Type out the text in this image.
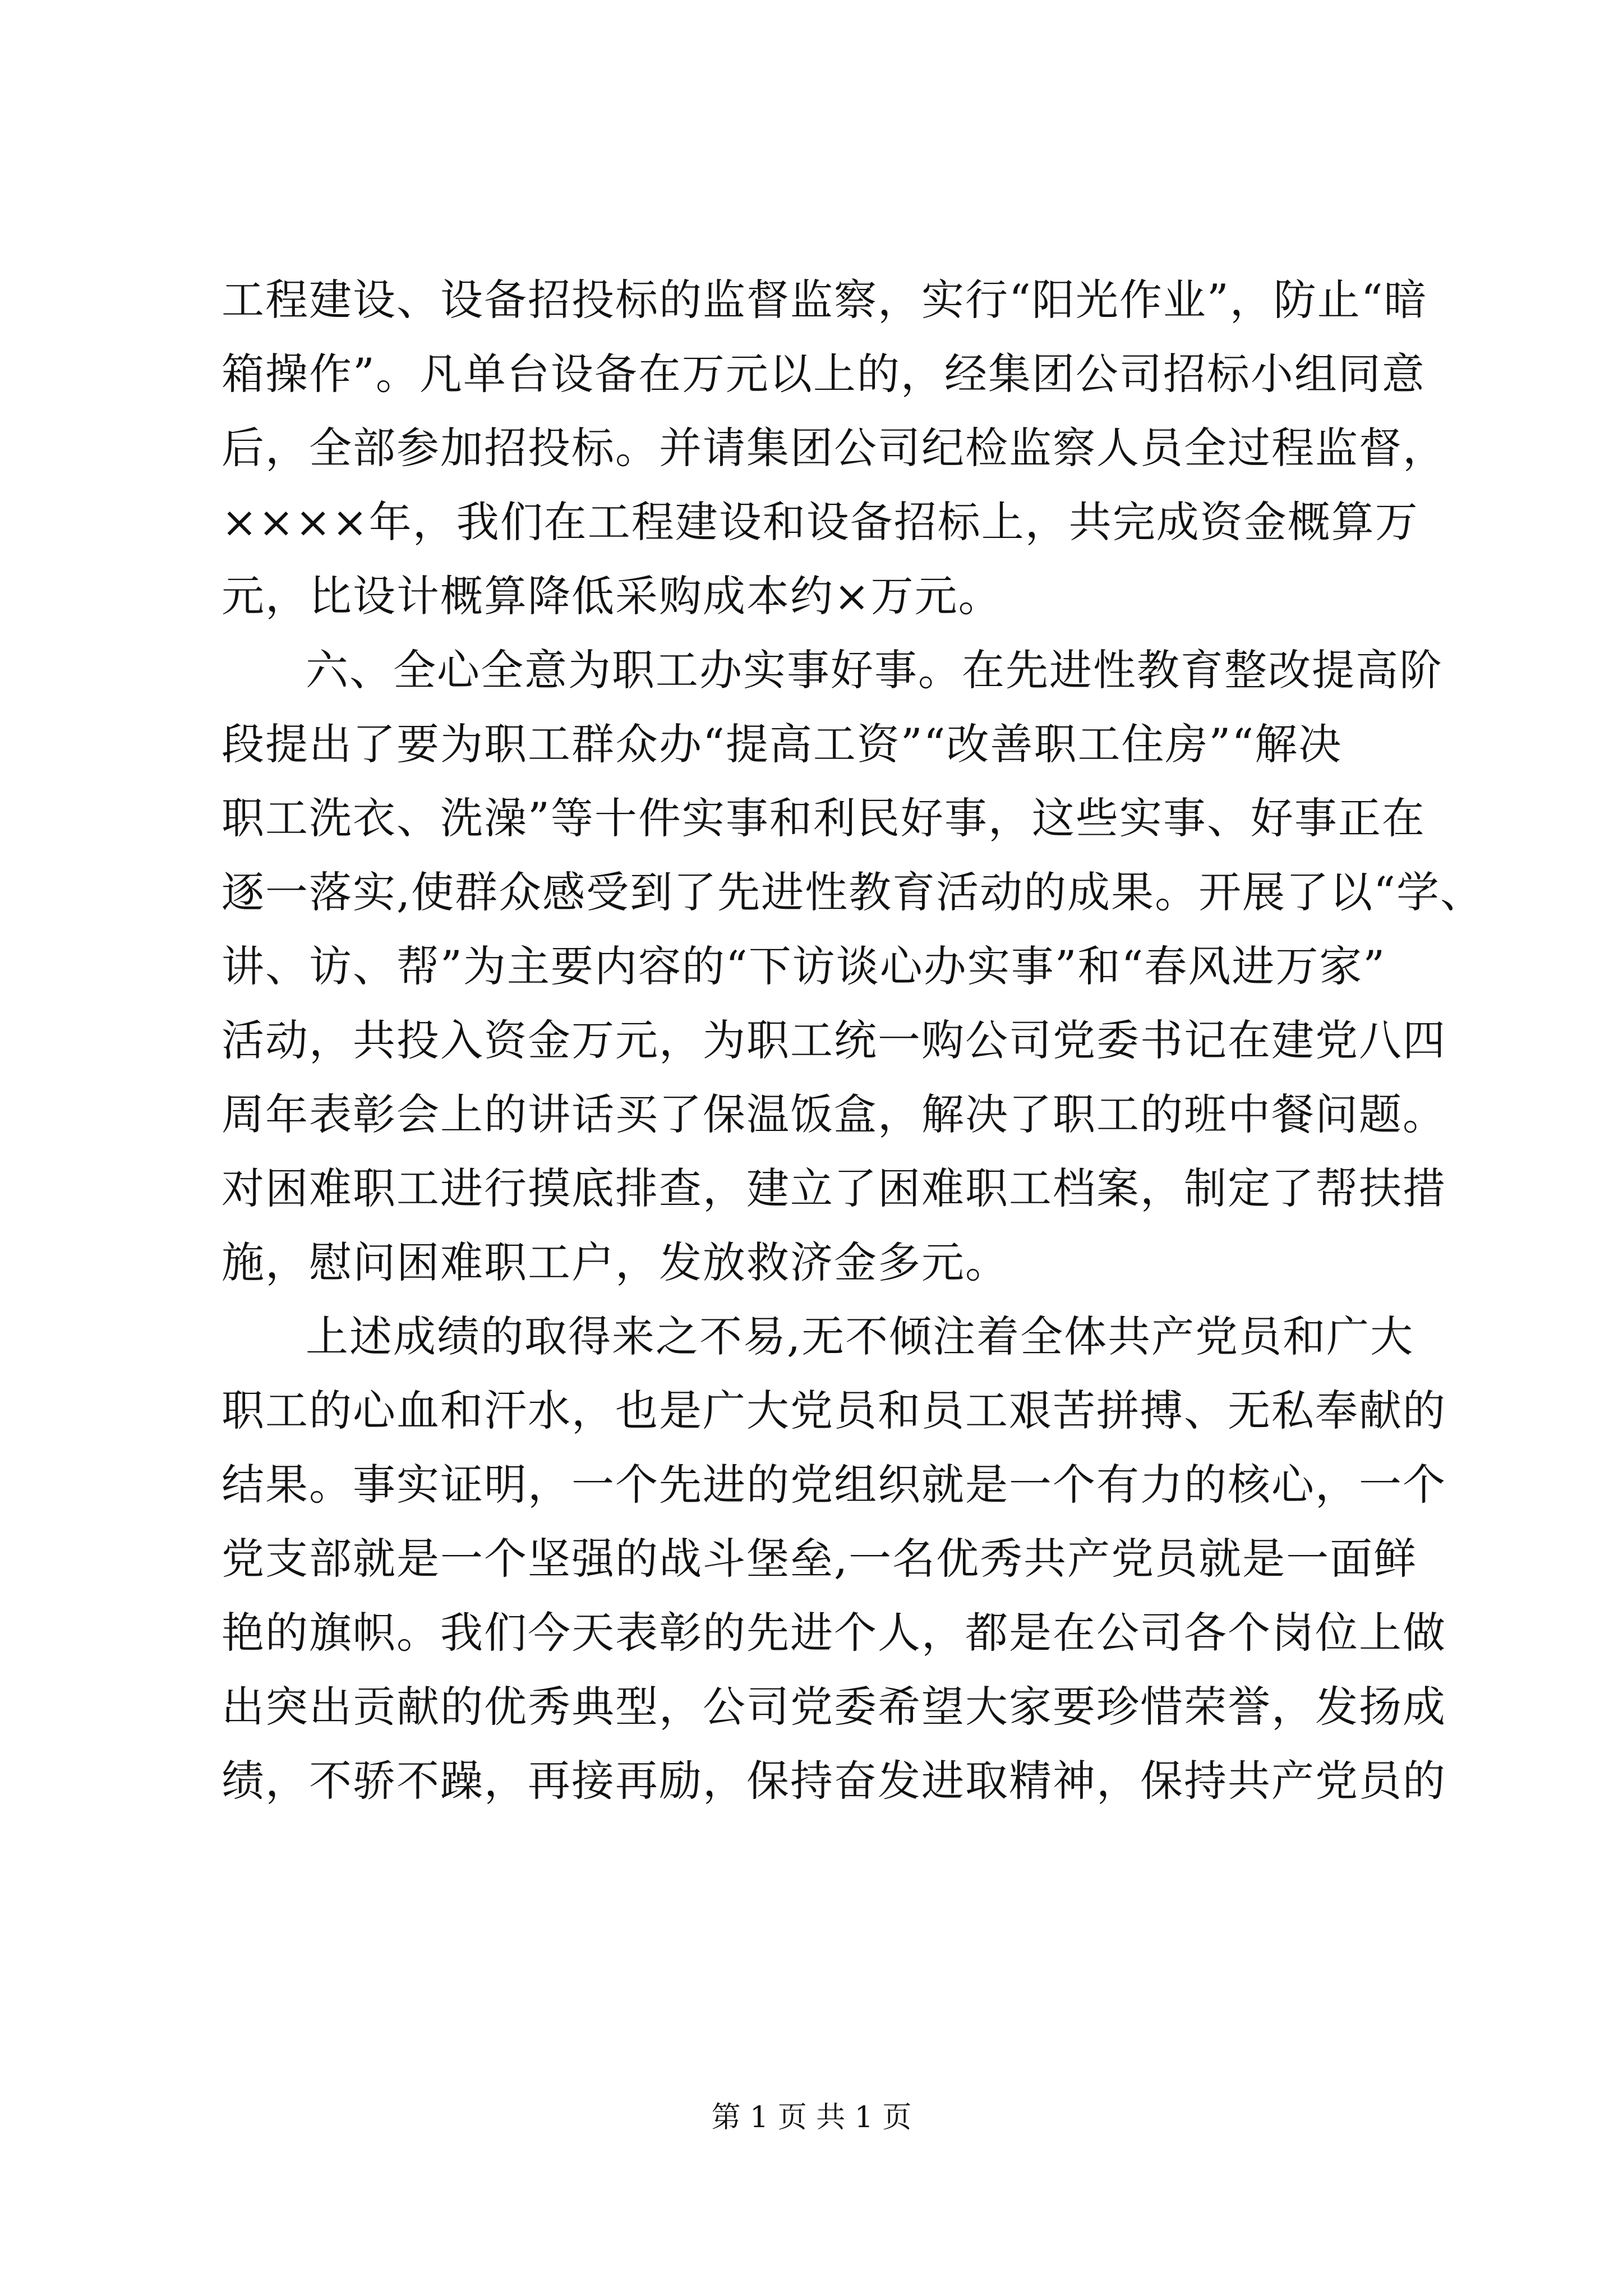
工程建设、设备招投标的监督监察，实行“阳光作业”，防止“暗
箱操作”。凡单台设备在万元以上的，经集团公司招标小组同意
后，全部参加招投标。并请集团公司纪检监察人员全过程监督，
××××年，我们在工程建设和设备招标上，共完成资金概算万
元，比设计概算降低采购成本约×万元。
六、全心全意为职工办实事好事。在先进性教育整改提高阶
段提出了要为职工群众办“提高工资”“改善职工住房”“解决
职工洗衣、洗澡”等十件实事和利民好事，这些实事、好事正在
逐一落实,使群众感受到了先进性教育活动的成果。开展了以“学、
讲、访、帮”为主要内容的“下访谈心办实事”和“春风进万家”
活动，共投入资金万元，为职工统一购公司党委书记在建党八四
周年表彰会上的讲话买了保温饭盒，解决了职工的班中餐问题。
对困难职工进行摸底排查，建立了困难职工档案，制定了帮扶措
施，慰问困难职工户，发放救济金多元。
上述成绩的取得来之不易,无不倾注着全体共产党员和广大
职工的心血和汗水，也是广大党员和员工艰苦拼搏、无私奉献的
结果。事实证明，一个先进的党组织就是一个有力的核心，一个
党支部就是一个坚强的战斗堡垒,一名优秀共产党员就是一面鲜
艳的旗帜。我们今天表彰的先进个人，都是在公司各个岗位上做
出突出贡献的优秀典型，公司党委希望大家要珍惜荣誉，发扬成
绩，不骄不躁，再接再励，保持奋发进取精神，保持共产党员的
第 1 页 共 1 页
